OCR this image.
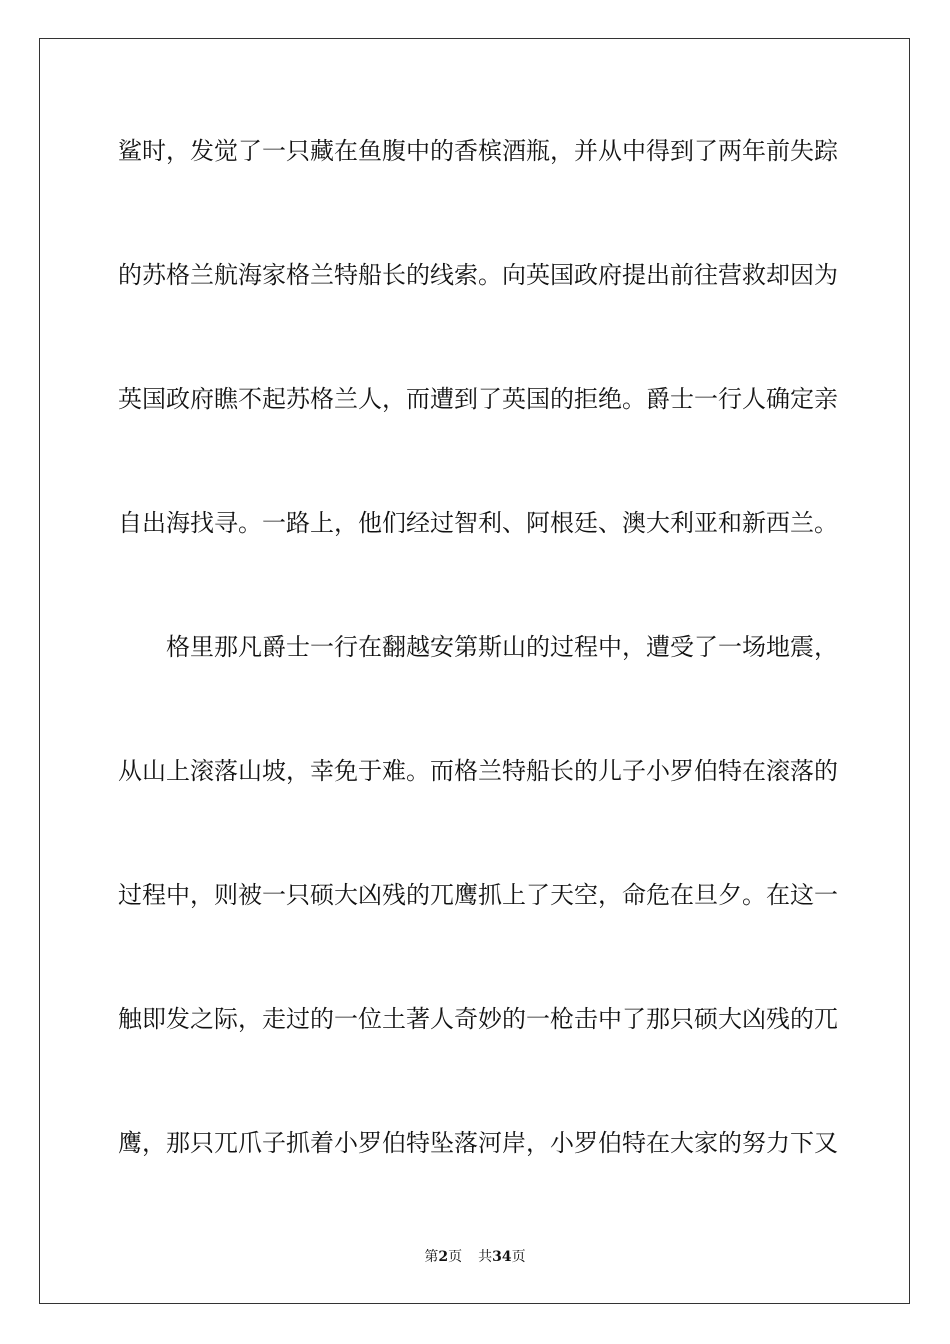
鲨时，发觉了一只藏在鱼腹中的香槟酒瓶，并从中得到了两年前失踪
的苏格兰航海家格兰特船长的线索。向英国政府提出前往营救却因为
英国政府瞧不起苏格兰人，而遭到了英国的拒绝。爵士一行人确定亲
自出海找寻。一路上，他们经过智利、阿根廷、澳大利亚和新西兰。
格里那凡爵士一行在翻越安第斯山的过程中，遭受了一场地震，
从山上滚落山坡，幸免于难。而格兰特船长的儿子小罗伯特在滚落的
过程中，则被一只硕大凶残的兀鹰抓上了天空，命危在旦夕。在这一
触即发之际，走过的一位土著人奇妙的一枪击中了那只硕大凶残的兀
鹰，那只兀爪子抓着小罗伯特坠落河岸，小罗伯特在大家的努力下又
第2页 共34页
